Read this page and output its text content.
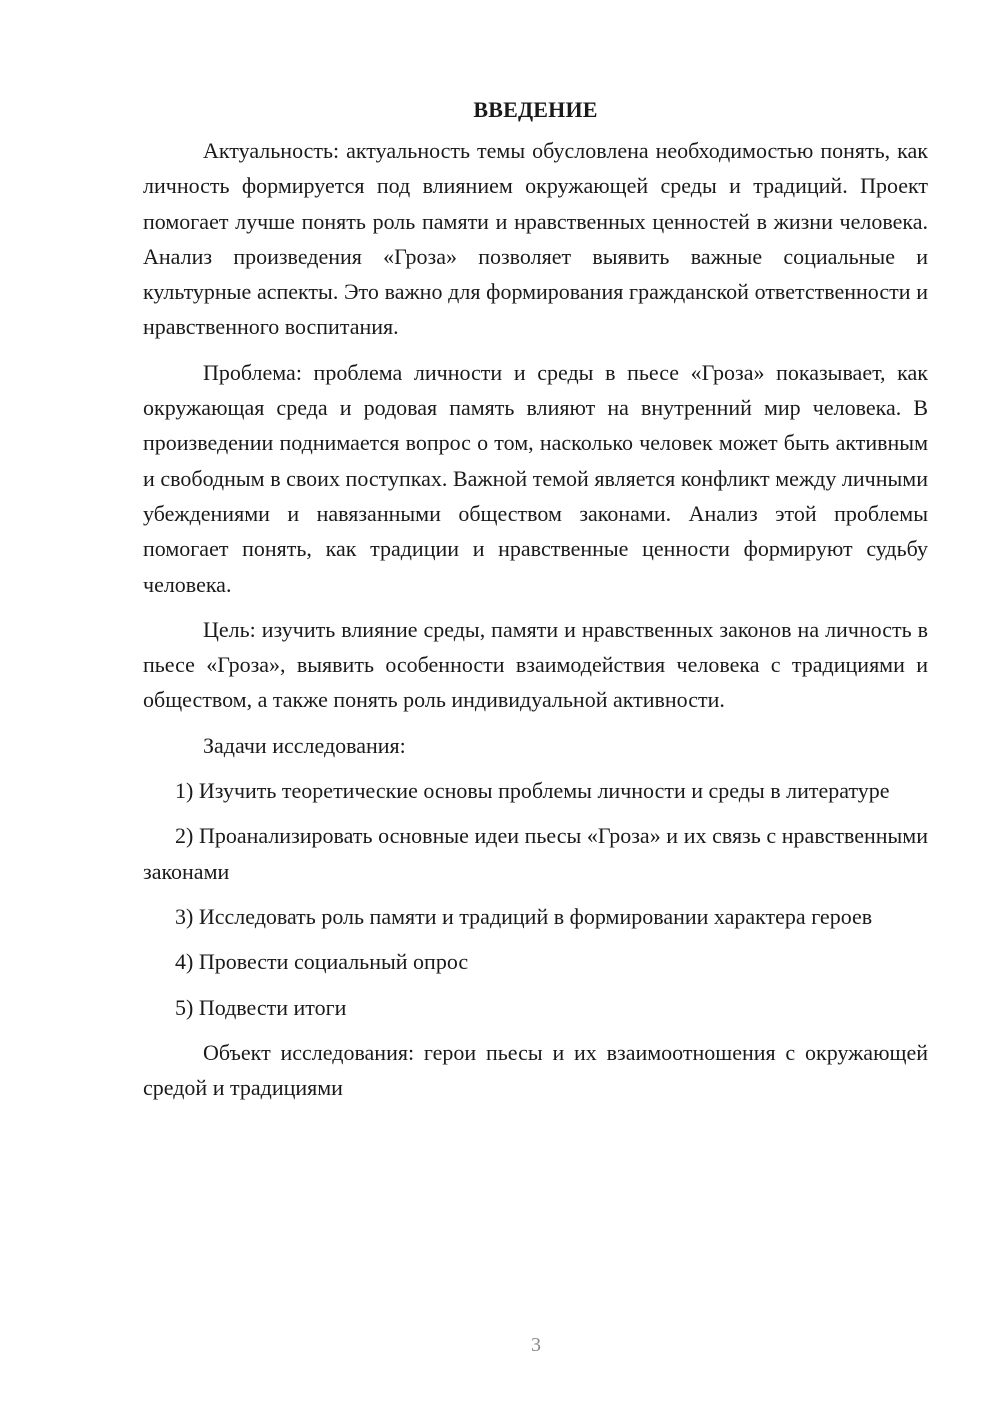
ВВЕДЕНИЕ

Актуальность: актуальность темы обусловлена необходимостью понять, как личность формируется под влиянием окружающей среды и традиций. Проект помогает лучше понять роль памяти и нравственных ценностей в жизни человека. Анализ произведения «Гроза» позволяет выявить важные социальные и культурные аспекты. Это важно для формирования гражданской ответственности и нравственного воспитания.

Проблема: проблема личности и среды в пьесе «Гроза» показывает, как окружающая среда и родовая память влияют на внутренний мир человека. В произведении поднимается вопрос о том, насколько человек может быть активным и свободным в своих поступках. Важной темой является конфликт между личными убеждениями и навязанными обществом законами. Анализ этой проблемы помогает понять, как традиции и нравственные ценности формируют судьбу человека.

Цель: изучить влияние среды, памяти и нравственных законов на личность в пьесе «Гроза», выявить особенности взаимодействия человека с традициями и обществом, а также понять роль индивидуальной активности.

Задачи исследования:

1) Изучить теоретические основы проблемы личности и среды в литературе

2) Проанализировать основные идеи пьесы «Гроза» и их связь с нравственными законами

3) Исследовать роль памяти и традиций в формировании характера героев

4) Провести социальный опрос

5) Подвести итоги

Объект исследования: герои пьесы и их взаимоотношения с окружающей средой и традициями

3
